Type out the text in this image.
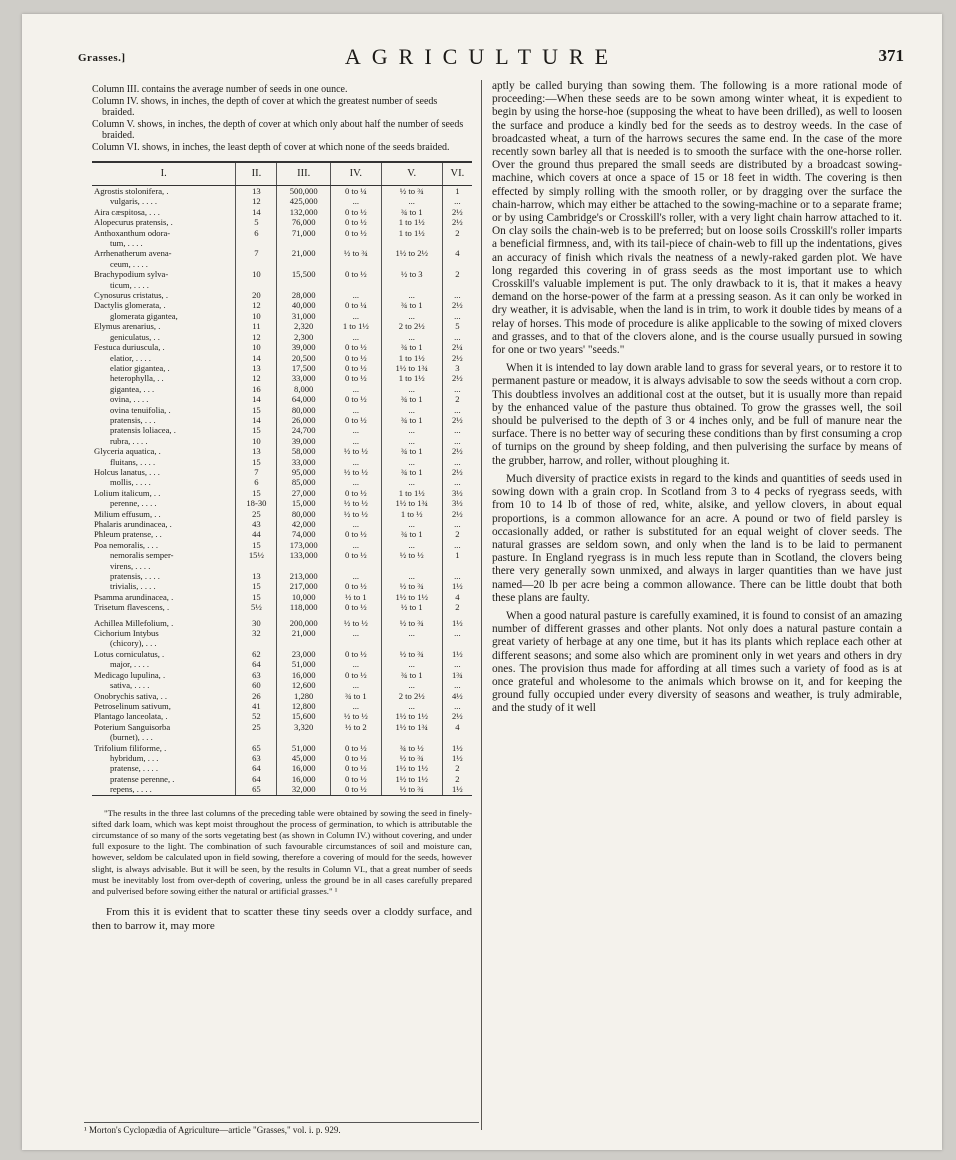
Grasses.]	AGRICULTURE	371

Column III. contains the average number of seeds in one ounce.

Column IV. shows, in inches, the depth of cover at which the greatest number of seeds braided.

Column V. shows, in inches, the depth of cover at which only about half the number of seeds braided.

Column VI. shows, in inches, the least depth of cover at which none of the seeds braided.

I.	II.	III.	IV.	V.	VI.
Agrostis stolonifera, .	13	500,000	0 to ¼	½ to ¾	1
vulgaris, . . . .	12	425,000	...	...	...
Aira cæspitosa, . . .	14	132,000	0 to ½	¾ to 1	2½
Alopecurus pratensis, .	5	76,000	0 to ½	1 to 1½	2½
Anthoxanthum odora-	6	71,000	0 to ½	1 to 1½	2
tum, . . . .					
Arrhenatherum avena-	7	21,000	½ to ¾	1½ to 2½	4
ceum, . . . .					
Brachypodium sylva-	10	15,500	0 to ½	½ to 3	2
ticum, . . . .					
Cynosurus cristatus, .	20	28,000	...	...	...
Dactylis glomerata, .	12	40,000	0 to ¼	¾ to 1	2½
glomerata gigantea,	10	31,000	...	...	...
Elymus arenarius, .	11	2,320	1 to 1½	2 to 2½	5
geniculatus, . .	12	2,300	...	...	...
Festuca duriuscula, .	10	39,000	0 to ½	¾ to 1	2¼
elatior, . . . .	14	20,500	0 to ½	1 to 1½	2½
elatior gigantea, .	13	17,500	0 to ½	1½ to 1¾	3
heterophylla, . .	12	33,000	0 to ½	1 to 1½	2½
gigantea, . . .	16	8,000	...	...	...
ovina, . . . .	14	64,000	0 to ½	¾ to 1	2
ovina tenuifolia, .	15	80,000	...	...	...
pratensis, . . .	14	26,000	0 to ½	¾ to 1	2½
pratensis loliacea, .	15	24,700	...	...	...
rubra, . . . .	10	39,000	...	...	...
Glyceria aquatica, .	13	58,000	½ to ½	¾ to 1	2½
fluitans, . . . .	15	33,000	...	...	...
Holcus lanatus, . . .	7	95,000	½ to ½	¾ to 1	2½
mollis, . . . .	6	85,000	...	...	...
Lolium italicum, . .	15	27,000	0 to ½	1 to 1½	3½
perenne, . . . .	18-30	15,000	½ to ½	1½ to 1¾	3½
Milium effusum, . .	25	80,000	½ to ½	1 to ½	2½
Phalaris arundinacea, .	43	42,000	...	...	...
Phleum pratense, . .	44	74,000	0 to ½	¾ to 1	2
Poa nemoralis, . . .	15	173,000	...	...	...
nemoralis semper-	15½	133,000	0 to ½	½ to ½	1
virens, . . . .					
pratensis, . . . .	13	213,000	...	...	...
trivialis, . . . .	15	217,000	0 to ½	½ to ¾	1½
Psamma arundinacea, .	15	10,000	½ to 1	1½ to 1½	4
Trisetum flavescens, .	5½	118,000	0 to ½	½ to 1	2

Achillea Millefolium, .	30	200,000	½ to ½	½ to ¾	1½
Cichorium Intybus	32	21,000	...	...	...
(chicory), . . .					
Lotus corniculatus, .	62	23,000	0 to ½	½ to ¾	1½
major, . . . .	64	51,000	...	...	...
Medicago lupulina, .	63	16,000	0 to ½	¾ to 1	1¾
sativa, . . . .	60	12,600	...	...	...
Onobrychis sativa, . .	26	1,280	¾ to 1	2 to 2½	4½
Petroselinum sativum,	41	12,800	...	...	...
Plantago lanceolata, .	52	15,600	½ to ½	1½ to 1½	2½
Poterium Sanguisorba	25	3,320	½ to 2	1½ to 1¾	4
(burnet), . . .					
Trifolium filiforme, .	65	51,000	0 to ½	¾ to ½	1½
hybridum, . . .	63	45,000	0 to ½	½ to ¾	1½
pratense, . . . .	64	16,000	0 to ½	1½ to 1½	2
pratense perenne, .	64	16,000	0 to ½	1½ to 1½	2
repens, . . . .	65	32,000	0 to ½	½ to ¾	1½

"The results in the three last columns of the preceding table were obtained by sowing the seed in finely-sifted dark loam, which was kept moist throughout the process of germination, to which is attributable the circumstance of so many of the sorts vegetating best (as shown in Column IV.) without covering, and under full exposure to the light. The combination of such favourable circumstances of soil and moisture can, however, seldom be calculated upon in field sowing, therefore a covering of mould for the seeds, however slight, is always advisable. But it will be seen, by the results in Column VI., that a great number of seeds must be inevitably lost from over-depth of covering, unless the ground be in all cases carefully prepared and pulverised before sowing either the natural or artificial grasses." ¹

From this it is evident that to scatter these tiny seeds over a cloddy surface, and then to barrow it, may more

¹ Morton's Cyclopædia of Agriculture—article "Grasses," vol. i. p. 929.

aptly be called burying than sowing them. The following is a more rational mode of proceeding:—When these seeds are to be sown among winter wheat, it is expedient to begin by using the horse-hoe (supposing the wheat to have been drilled), as well to loosen the surface and produce a kindly bed for the seeds as to destroy weeds. In the case of broadcasted wheat, a turn of the harrows secures the same end. In the case of the more recently sown barley all that is needed is to smooth the surface with the one-horse roller. Over the ground thus prepared the small seeds are distributed by a broadcast sowing-machine, which covers at once a space of 15 or 18 feet in width. The covering is then effected by simply rolling with the smooth roller, or by dragging over the surface the chain-harrow, which may either be attached to the sowing-machine or to a separate frame; or by using Cambridge's or Crosskill's roller, with a very light chain harrow attached to it. On clay soils the chain-web is to be preferred; but on loose soils Crosskill's roller imparts a beneficial firmness, and, with its tail-piece of chain-web to fill up the indentations, gives an accuracy of finish which rivals the neatness of a newly-raked garden plot. We have long regarded this covering in of grass seeds as the most important use to which Crosskill's valuable implement is put. The only drawback to it is, that it makes a heavy demand on the horse-power of the farm at a pressing season. As it can only be worked in dry weather, it is advisable, when the land is in trim, to work it double tides by means of a relay of horses. This mode of procedure is alike applicable to the sowing of mixed clovers and grasses, and to that of the clovers alone, and is the course usually pursued in sowing for one or two years' "seeds."

When it is intended to lay down arable land to grass for several years, or to restore it to permanent pasture or meadow, it is always advisable to sow the seeds without a corn crop. This doubtless involves an additional cost at the outset, but it is usually more than repaid by the enhanced value of the pasture thus obtained. To grow the grasses well, the soil should be pulverised to the depth of 3 or 4 inches only, and be full of manure near the surface. There is no better way of securing these conditions than by first consuming a crop of turnips on the ground by sheep folding, and then pulverising the surface by means of the grubber, harrow, and roller, without ploughing it.

Much diversity of practice exists in regard to the kinds and quantities of seeds used in sowing down with a grain crop. In Scotland from 3 to 4 pecks of ryegrass seeds, with from 10 to 14 lb of those of red, white, alsike, and yellow clovers, in about equal proportions, is a common allowance for an acre. A pound or two of field parsley is occasionally added, or rather is substituted for an equal weight of clover seeds. The natural grasses are seldom sown, and only when the land is to be laid to permanent pasture. In England ryegrass is in much less repute than in Scotland, the clovers being there very generally sown unmixed, and always in larger quantities than we have just named—20 lb per acre being a common allowance. There can be little doubt that both these plans are faulty.

When a good natural pasture is carefully examined, it is found to consist of an amazing number of different grasses and other plants. Not only does a natural pasture contain a great variety of herbage at any one time, but it has its plants which replace each other at different seasons; and some also which are prominent only in wet years and others in dry ones. The provision thus made for affording at all times such a variety of food as is at once grateful and wholesome to the animals which browse on it, and for keeping the ground fully occupied under every diversity of seasons and weather, is truly admirable, and the study of it well
